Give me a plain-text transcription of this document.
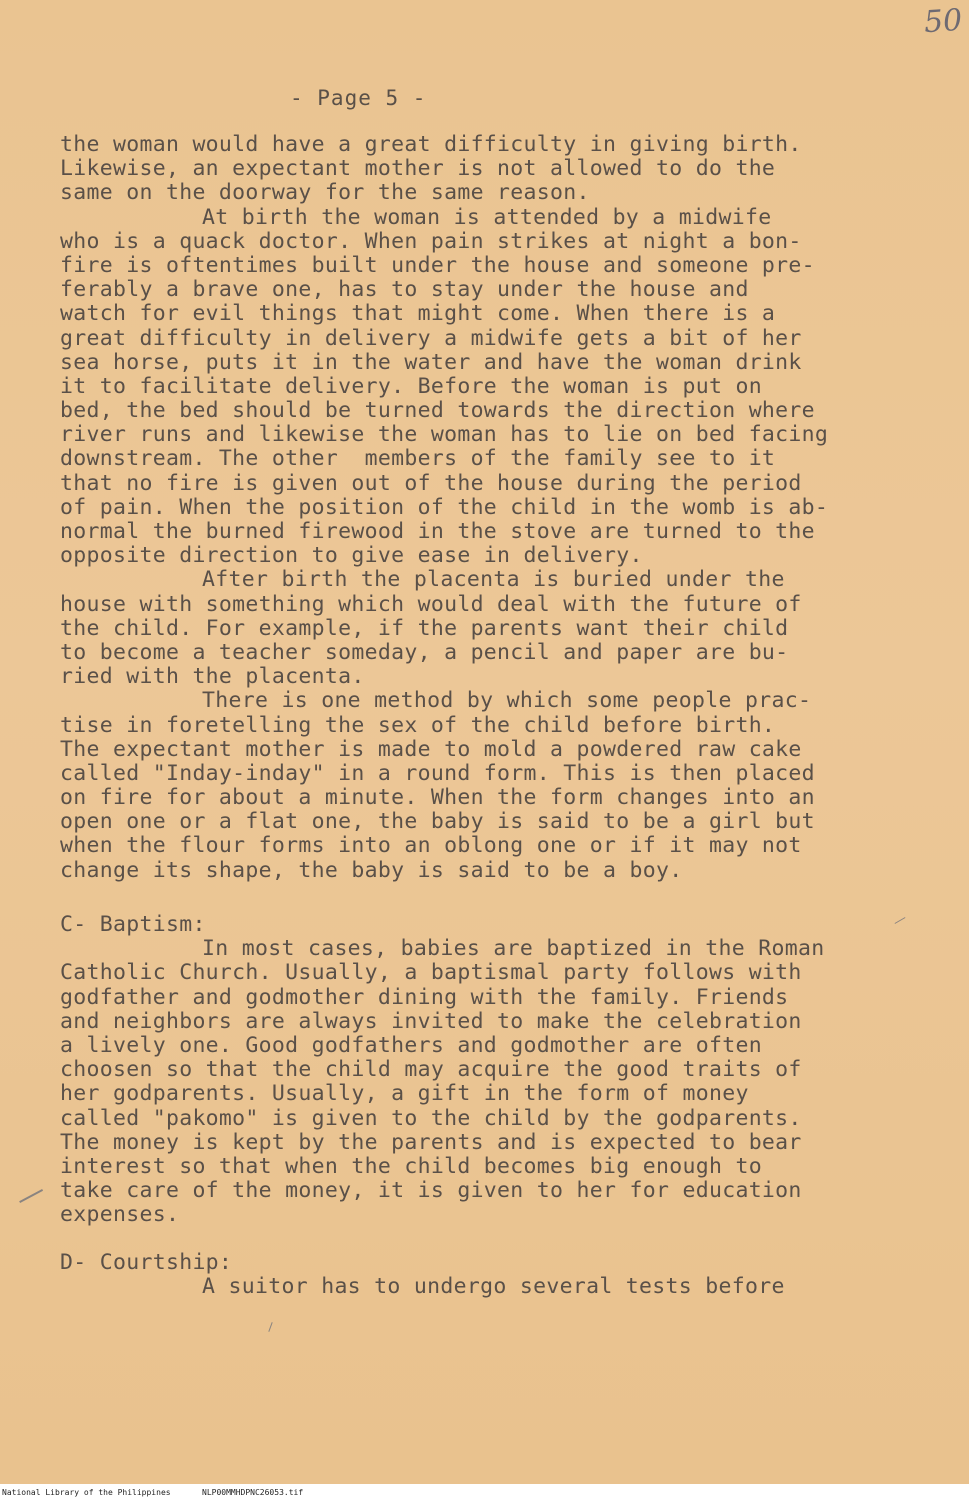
50
- Page 5 -
the woman would have a great difficulty in giving birth.
Likewise, an expectant mother is not allowed to do the
same on the doorway for the same reason.
At birth the woman is attended by a midwife
who is a quack doctor. When pain strikes at night a bon-
fire is oftentimes built under the house and someone pre-
ferably a brave one, has to stay under the house and
watch for evil things that might come. When there is a
great difficulty in delivery a midwife gets a bit of her
sea horse, puts it in the water and have the woman drink
it to facilitate delivery. Before the woman is put on
bed, the bed should be turned towards the direction where
river runs and likewise the woman has to lie on bed facing
downstream. The other  members of the family see to it
that no fire is given out of the house during the period
of pain. When the position of the child in the womb is ab-
normal the burned firewood in the stove are turned to the
opposite direction to give ease in delivery.
After birth the placenta is buried under the
house with something which would deal with the future of
the child. For example, if the parents want their child
to become a teacher someday, a pencil and paper are bu-
ried with the placenta.
There is one method by which some people prac-
tise in foretelling the sex of the child before birth.
The expectant mother is made to mold a powdered raw cake
called "Inday-inday" in a round form. This is then placed
on fire for about a minute. When the form changes into an
open one or a flat one, the baby is said to be a girl but
when the flour forms into an oblong one or if it may not
change its shape, the baby is said to be a boy.
C- Baptism:
In most cases, babies are baptized in the Roman
Catholic Church. Usually, a baptismal party follows with
godfather and godmother dining with the family. Friends
and neighbors are always invited to make the celebration
a lively one. Good godfathers and godmother are often
choosen so that the child may acquire the good traits of
her godparents. Usually, a gift in the form of money
called "pakomo" is given to the child by the godparents.
The money is kept by the parents and is expected to bear
interest so that when the child becomes big enough to
take care of the money, it is given to her for education
expenses.
D- Courtship:
A suitor has to undergo several tests before
National Library of the Philippines	NLP00MMHDPNC26053.tif
